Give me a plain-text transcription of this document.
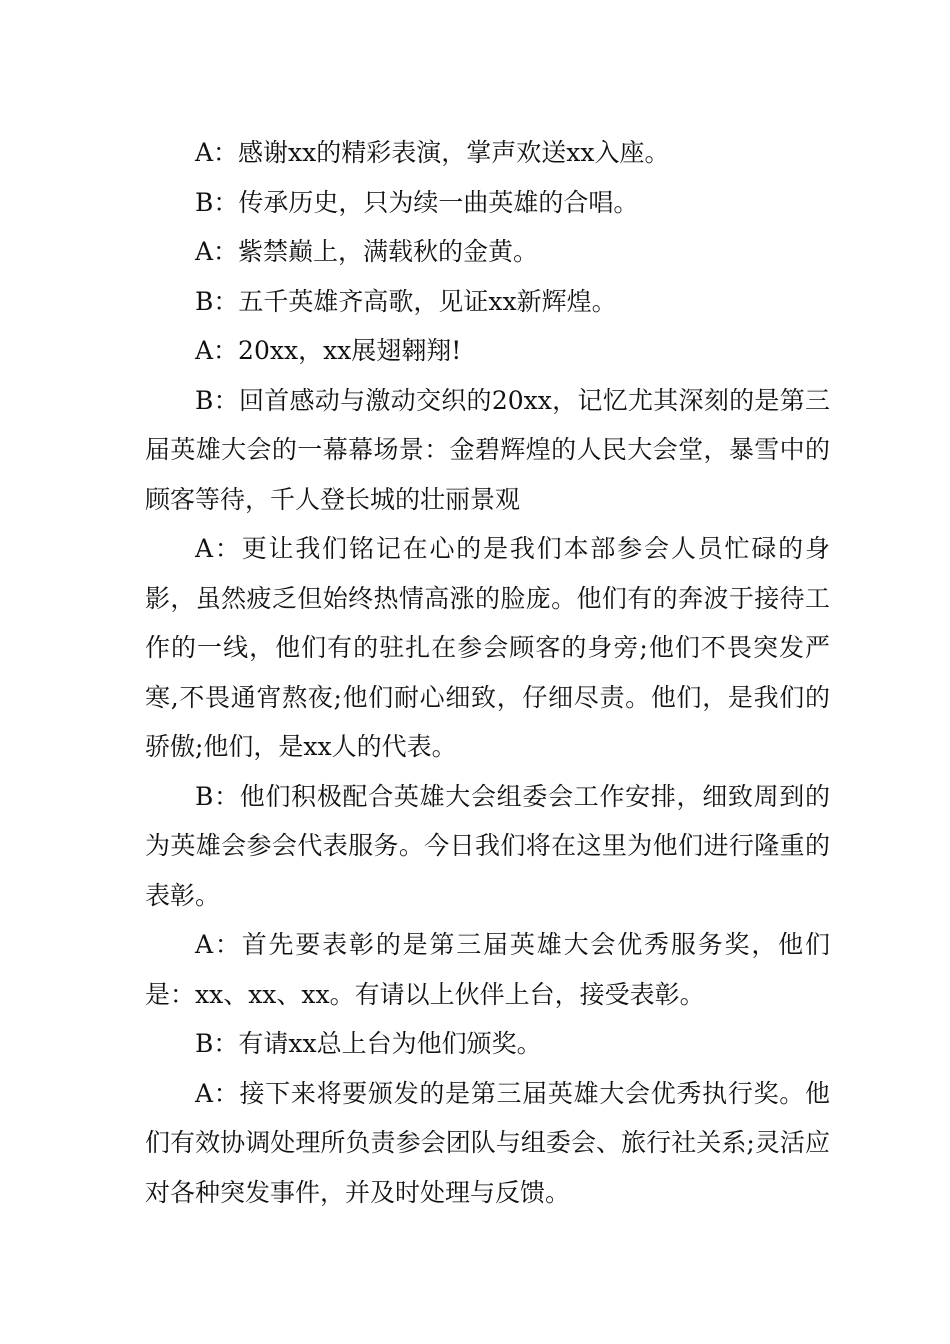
A：感谢xx的精彩表演，掌声欢送xx入座。

B：传承历史，只为续一曲英雄的合唱。

A：紫禁巅上，满载秋的金黄。

B：五千英雄齐高歌，见证xx新辉煌。

A：20xx，xx展翅翱翔!

B：回首感动与激动交织的20xx，记忆尤其深刻的是第三届英雄大会的一幕幕场景：金碧辉煌的人民大会堂，暴雪中的顾客等待，千人登长城的壮丽景观

A：更让我们铭记在心的是我们本部参会人员忙碌的身影，虽然疲乏但始终热情高涨的脸庞。他们有的奔波于接待工作的一线，他们有的驻扎在参会顾客的身旁;他们不畏突发严寒,不畏通宵熬夜;他们耐心细致，仔细尽责。他们，是我们的骄傲;他们，是xx人的代表。

B：他们积极配合英雄大会组委会工作安排，细致周到的为英雄会参会代表服务。今日我们将在这里为他们进行隆重的表彰。

A：首先要表彰的是第三届英雄大会优秀服务奖，他们是：xx、xx、xx。有请以上伙伴上台，接受表彰。

B：有请xx总上台为他们颁奖。

A：接下来将要颁发的是第三届英雄大会优秀执行奖。他们有效协调处理所负责参会团队与组委会、旅行社关系;灵活应对各种突发事件，并及时处理与反馈。
